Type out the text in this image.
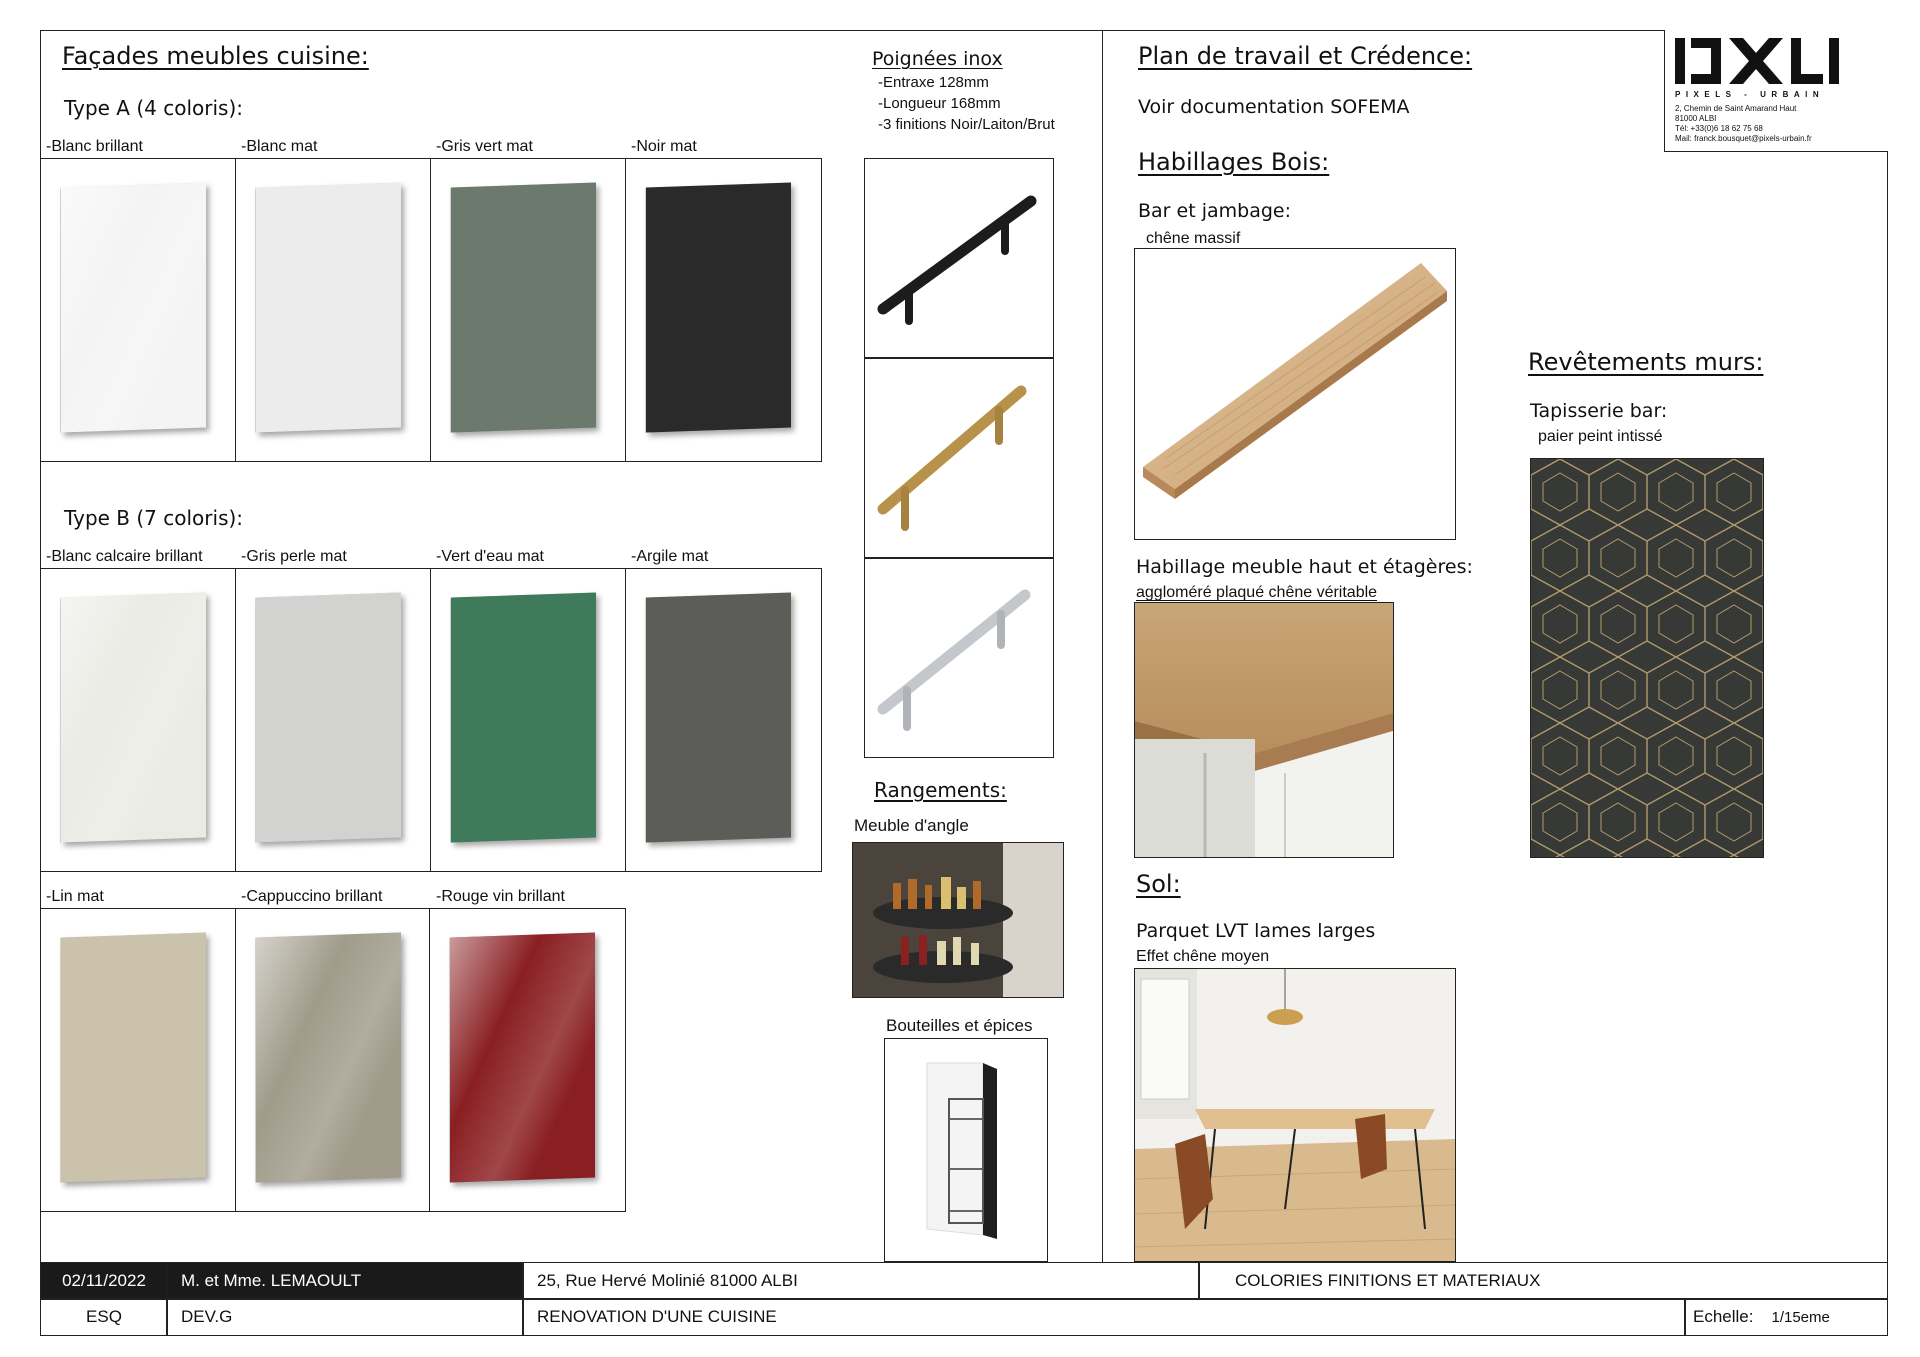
Façades meubles cuisine:
Type A (4 coloris):
-Blanc brillant	-Blanc mat	-Gris vert mat	-Noir mat
Type B (7 coloris):
-Blanc calcaire brillant -Gris perle mat	-Vert d'eau mat	-Argile mat
-Lin mat	-Cappuccino brillant	-Rouge vin brillant
Poignées inox
-Entraxe 128mm
-Longueur 168mm
-3 finitions Noir/Laiton/Brut
Rangements:
Meuble d'angle
Bouteilles et épices
Plan de travail et Crédence:
Voir documentation SOFEMA
Habillages Bois:
Bar et jambage:
chêne massif
Habillage meuble haut et étagères:
aggloméré plaqué chêne véritable
Sol:
Parquet LVT lames larges
Effet chêne moyen
Revêtements murs:
Tapisserie bar:
paier peint intissé
PIXELS - URBAIN
2, Chemin de Saint Amarand Haut
81000 ALBI
Tél: +33(0)6 18 62 75 68
Mail: franck.bousquet@pixels-urbain.fr
02/11/2022	M. et Mme. LEMAOULT	25, Rue Hervé Molinié 81000 ALBI	COLORIES FINITIONS ET MATERIAUX
ESQ	DEV.G	RENOVATION D'UNE CUISINE	Echelle: 1/15eme
